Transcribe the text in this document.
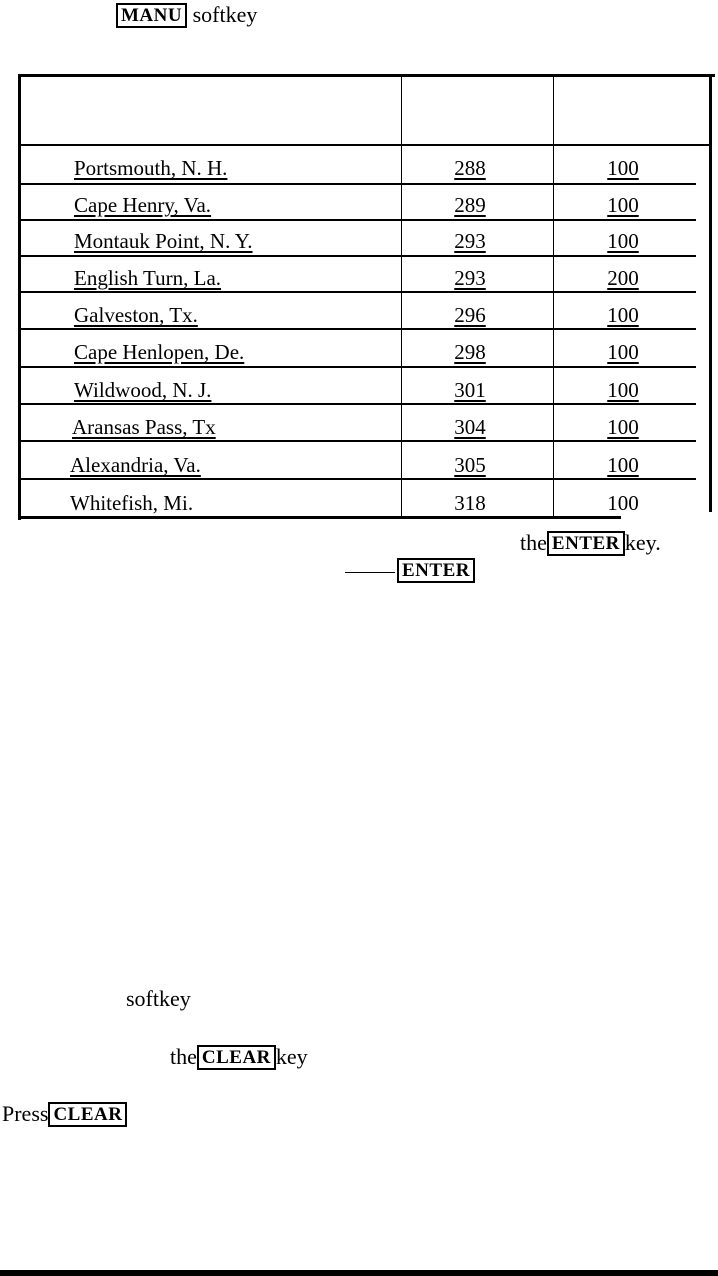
MANU softkey
Portsmouth, N. H.	288	100
Cape Henry, Va.	289	100
Montauk Point, N. Y.	293	100
English Turn, La.	293	200
Galveston, Tx.	296	100
Cape Henlopen, De.	298	100
Wildwood, N. J.	301	100
Aransas Pass, Tx	304	100
Alexandria, Va.	305	100
Whitefish, Mi.	318	100
the ENTER key.
ENTER
softkey
the CLEAR key
Press CLEAR
